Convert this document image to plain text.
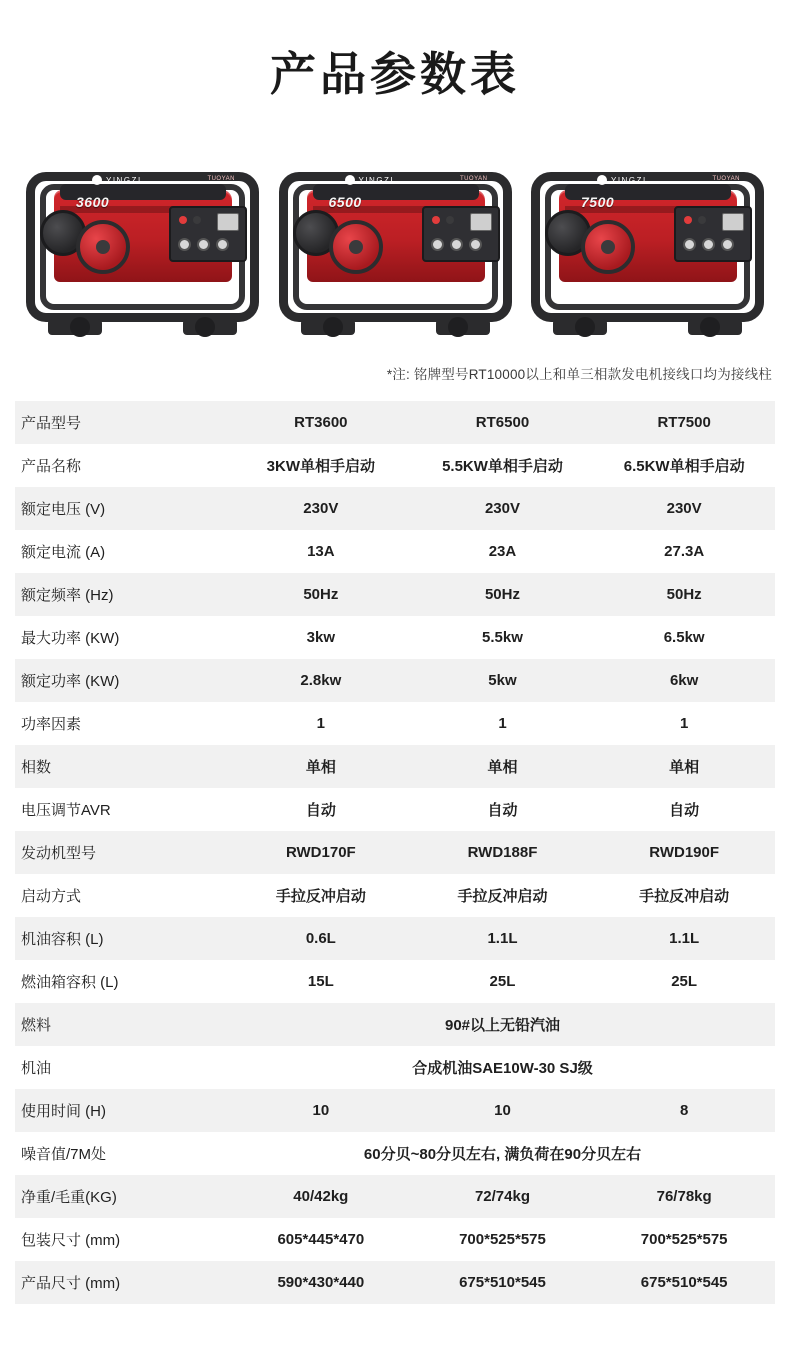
产品参数表
YINGZI	TUOYAN
3600
YINGZI	TUOYAN
6500
YINGZI	TUOYAN
7500
*注: 铭牌型号RT10000以上和单三相款发电机接线口均为接线柱
产品型号	RT3600	RT6500	RT7500
产品名称	3KW单相手启动	5.5KW单相手启动	6.5KW单相手启动
额定电压 (V)	230V	230V	230V
额定电流 (A)	13A	23A	27.3A
额定频率 (Hz)	50Hz	50Hz	50Hz
最大功率 (KW)	3kw	5.5kw	6.5kw
额定功率 (KW)	2.8kw	5kw	6kw
功率因素	1	1	1
相数	单相	单相	单相
电压调节AVR	自动	自动	自动
发动机型号	RWD170F	RWD188F	RWD190F
启动方式	手拉反冲启动	手拉反冲启动	手拉反冲启动
机油容积 (L)	0.6L	1.1L	1.1L
燃油箱容积 (L)	15L	25L	25L
燃料	90#以上无铅汽油		
机油	合成机油SAE10W-30 SJ级		
使用时间 (H)	10	10	8
噪音值/7M处	60分贝~80分贝左右, 满负荷在90分贝左右		
净重/毛重(KG)	40/42kg	72/74kg	76/78kg
包装尺寸 (mm)	605*445*470	700*525*575	700*525*575
产品尺寸 (mm)	590*430*440	675*510*545	675*510*545
